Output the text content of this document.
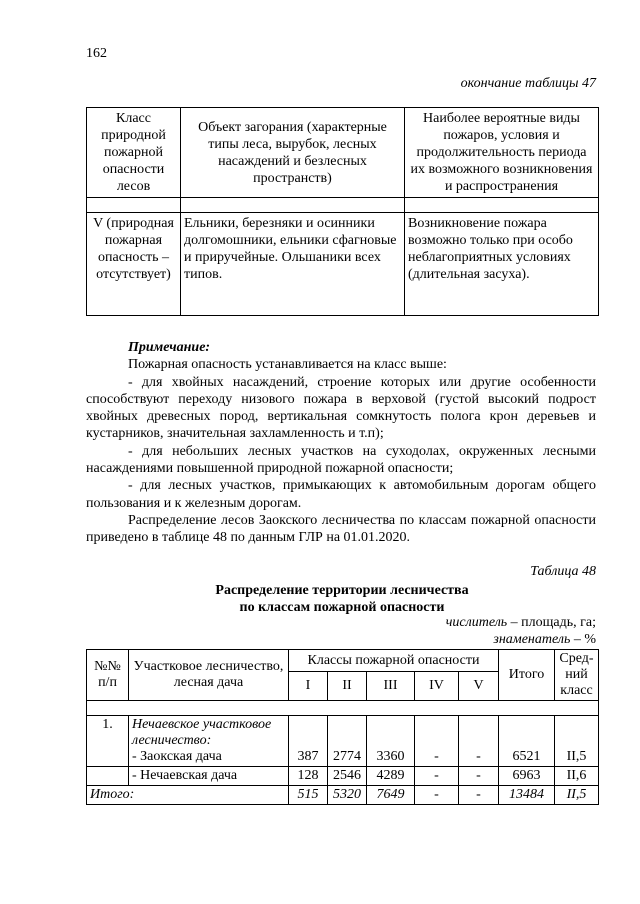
162
окончание таблицы 47
Класс природной пожарной опасности лесов	Объект загорания (характерные типы леса, вырубок, лесных насаждений и безлесных пространств)	Наиболее вероятные виды пожаров, условия и продолжительность периода их возможного возникновения и распространения

V (природная пожарная опасность – отсутствует)	Ельники, березняки и осинники долгомошники, ельники сфагновые и приручейные. Ольшаники всех типов.	Возникновение пожара возможно только при особо неблагоприятных условиях (длительная засуха).

Примечание:

Пожарная опасность устанавливается на класс выше:

- для хвойных насаждений, строение которых или другие особенности способствуют переходу низового пожара в верховой (густой высокий подрост хвойных древесных пород, вертикальная сомкнутость полога крон деревьев и кустарников, значительная захламленность и т.п);

- для небольших лесных участков на суходолах, окруженных лесными насаждениями повышенной природной пожарной опасности;

- для лесных участков, примыкающих к автомобильным дорогам общего пользования и к железным дорогам.

Распределение лесов Заокского лесничества по классам пожарной опасности приведено в таблице 48 по данным ГЛР на 01.01.2020.

Таблица 48
Распределение территории лесничества
по классам пожарной опасности
числитель – площадь, га;
знаменатель – %
№№ п/п	Участковое лесничество, лесная дача	Классы пожарной опасности					Итого	Сред-ний класс
		I	II	III	IV	V		

1.	Нечаевское участковое лесничество:
- Заокская дача	387	2774	3360	-	-	6521	II,5
	- Нечаевская дача	128	2546	4289	-	-	6963	II,6
Итого:		515	5320	7649	-	-	13484	II,5
